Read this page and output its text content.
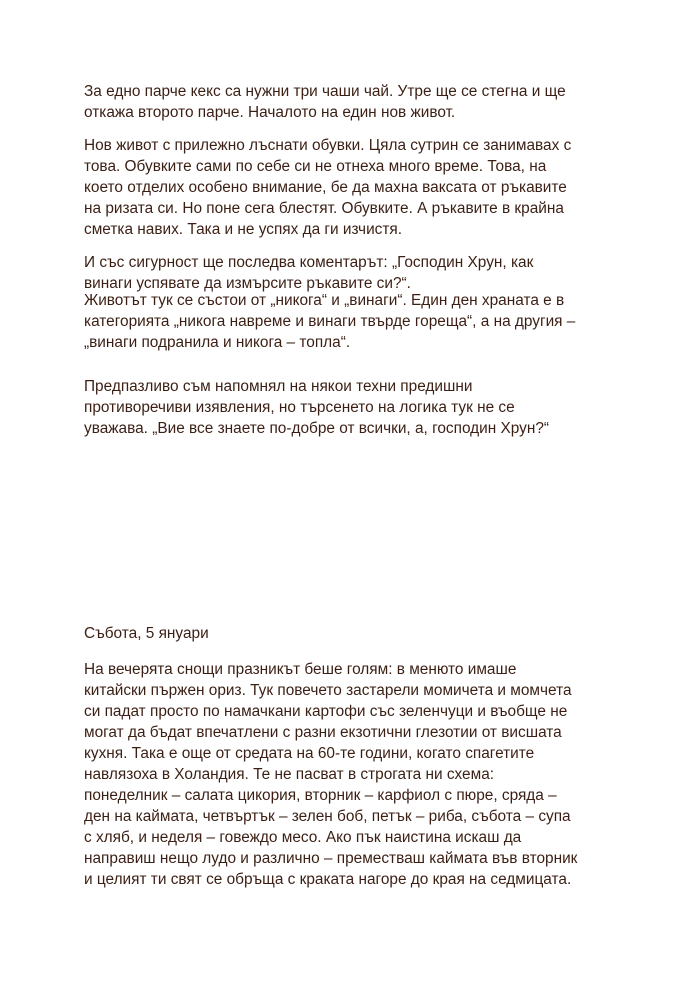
За едно парче кекс са нужни три чаши чай. Утре ще се стегна и ще
откажа второто парче. Началото на един нов живот.

Нов живот с прилежно лъснати обувки. Цяла сутрин се занимавах с
това. Обувките сами по себе си не отнеха много време. Това, на
което отделих особено внимание, бе да махна ваксата от ръкавите
на ризата си. Но поне сега блестят. Обувките. А ръкавите в крайна
сметка навих. Така и не успях да ги изчистя.

И със сигурност ще последва коментарът: „Господин Хрун, как
винаги успявате да измърсите ръкавите си?“.

Животът тук се състои от „никога“ и „винаги“. Един ден храната е в
категорията „никога навреме и винаги твърде гореща“, а на другия –
„винаги подранила и никога – топла“.

Предпазливо съм напомнял на някои техни предишни
противоречиви изявления, но търсенето на логика тук не се
уважава. „Вие все знаете по-добре от всички, а, господин Хрун?“

Събота, 5 януари

На вечерята снощи празникът беше голям: в менюто имаше
китайски пържен ориз. Тук повечето застарели момичета и момчета
си падат просто по намачкани картофи със зеленчуци и въобще не
могат да бъдат впечатлени с разни екзотични глезотии от висшата
кухня. Така е още от средата на 60-те години, когато спагетите
навлязоха в Холандия. Те не пасват в строгата ни схема:
понеделник – салата цикория, вторник – карфиол с пюре, сряда –
ден на каймата, четвъртък – зелен боб, петък – риба, събота – супа
с хляб, и неделя – говеждо месо. Ако пък наистина искаш да
направиш нещо лудо и различно – преместваш каймата във вторник
и целият ти свят се обръща с краката нагоре до края на седмицата.
